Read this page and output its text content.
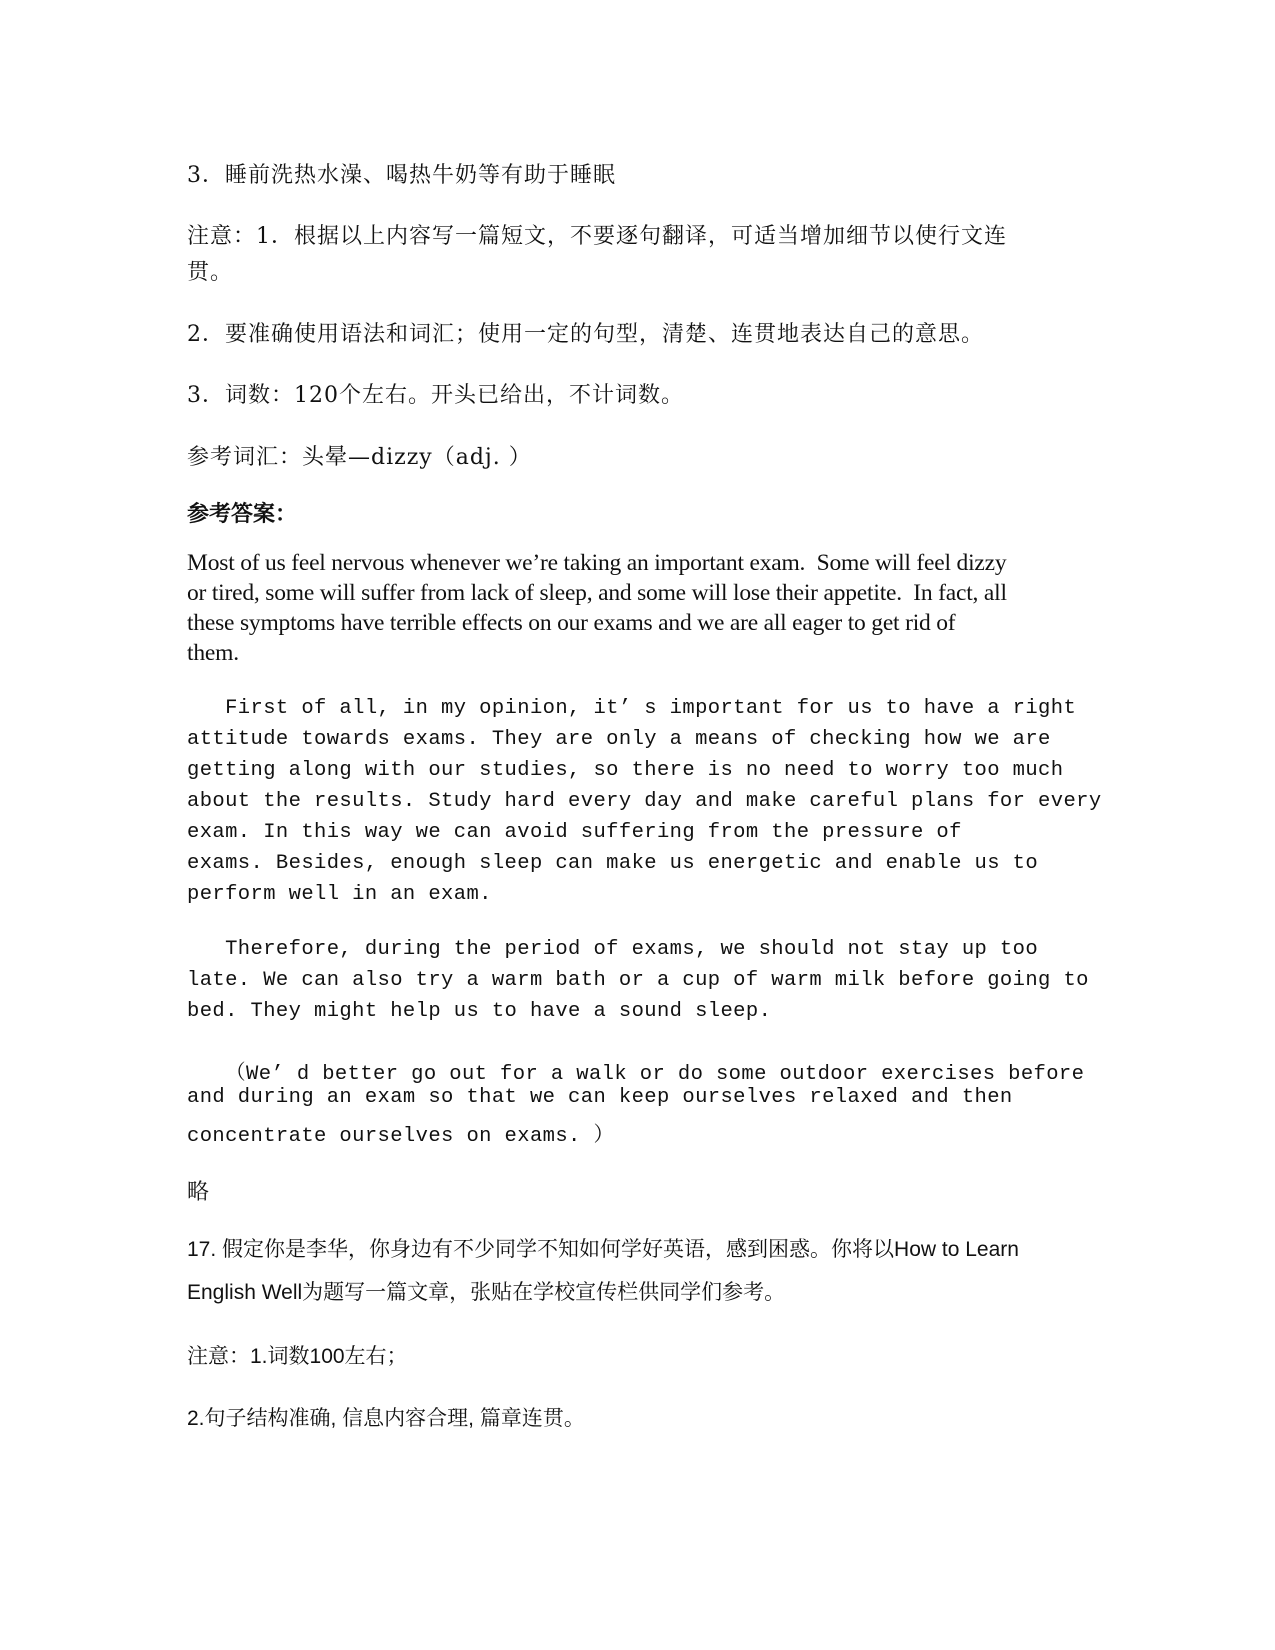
3．睡前洗热水澡、喝热牛奶等有助于睡眠
注意：1．根据以上内容写一篇短文，不要逐句翻译，可适当增加细节以使行文连
贯。
2．要准确使用语法和词汇；使用一定的句型，清楚、连贯地表达自己的意思。
3．词数：120个左右。开头已给出，不计词数。
参考词汇：头晕—dizzy（adj. ）
参考答案：
Most of us feel nervous whenever we’re taking an important exam.  Some will feel dizzy
or tired, some will suffer from lack of sleep, and some will lose their appetite.  In fact, all
these symptoms have terrible effects on our exams and we are all eager to get rid of
them.
First of all, in my opinion, it’ s important for us to have a right
attitude towards exams. They are only a means of checking how we are
getting along with our studies, so there is no need to worry too much
about the results. Study hard every day and make careful plans for every
exam. In this way we can avoid suffering from the pressure of
exams. Besides, enough sleep can make us energetic and enable us to
perform well in an exam.
Therefore, during the period of exams, we should not stay up too
late. We can also try a warm bath or a cup of warm milk before going to
bed. They might help us to have a sound sleep.
（We’ d better go out for a walk or do some outdoor exercises before
and during an exam so that we can keep ourselves relaxed and then
concentrate ourselves on exams. ）
略
17. 假定你是李华，你身边有不少同学不知如何学好英语，感到困惑。你将以How to Learn
English Well为题写一篇文章，张贴在学校宣传栏供同学们参考。
注意：1.词数100左右；
2.句子结构准确, 信息内容合理, 篇章连贯。
